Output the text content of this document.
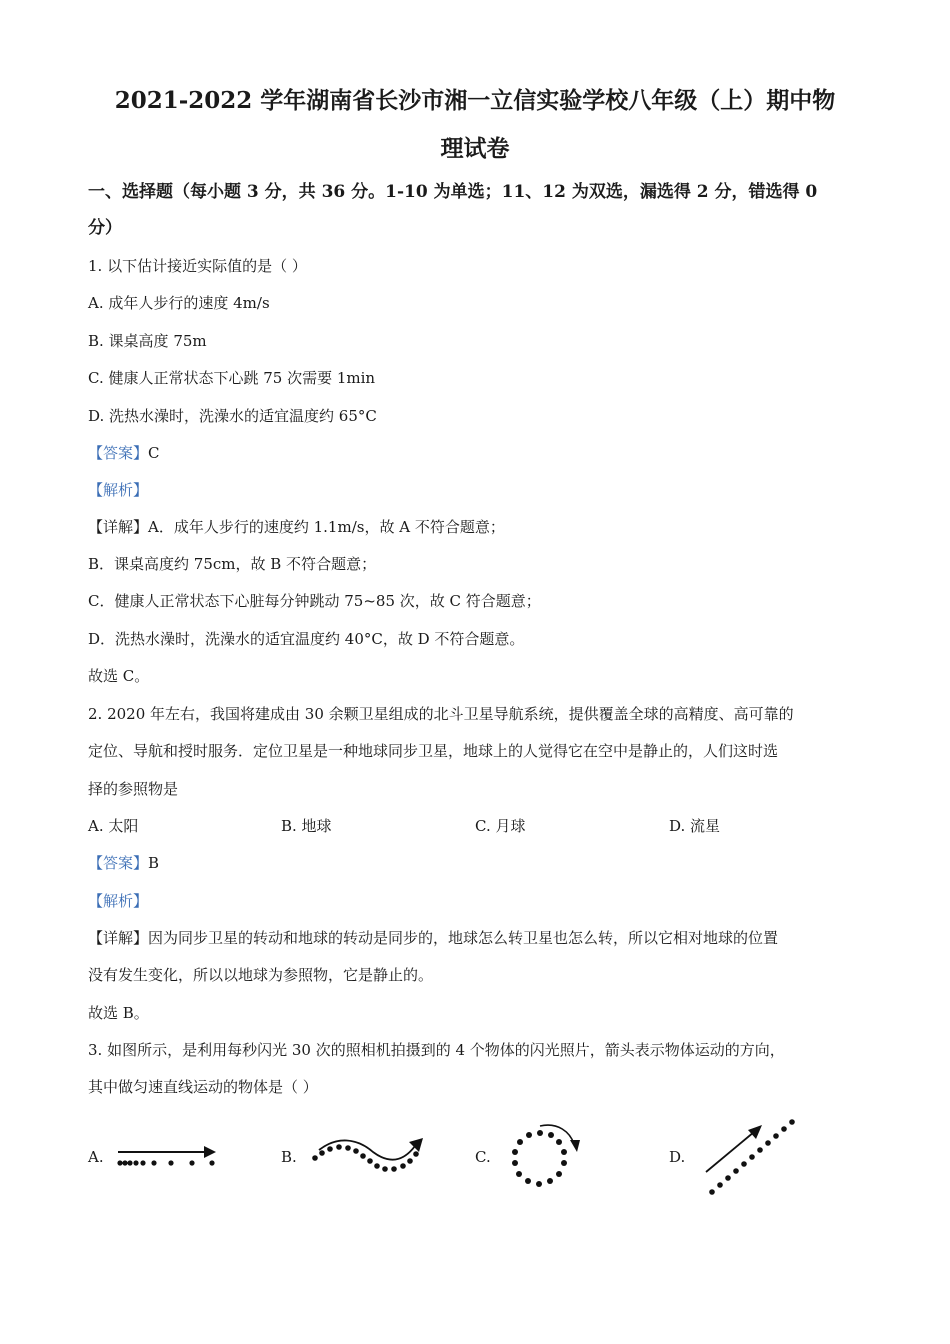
2021-2022 学年湖南省长沙市湘一立信实验学校八年级（上）期中物
理试卷
一、选择题（每小题 3 分，共 36 分。1-10 为单选；11、12 为双选，漏选得 2 分，错选得 0
分）
1. 以下估计接近实际值的是（ ）
A. 成年人步行的速度 4m/s
B. 课桌高度 75m
C. 健康人正常状态下心跳 75 次需要 1min
D. 洗热水澡时，洗澡水的适宜温度约 65°C
【答案】C
【解析】
【详解】A．成年人步行的速度约 1.1m/s，故 A 不符合题意；
B．课桌高度约 75cm，故 B 不符合题意；
C．健康人正常状态下心脏每分钟跳动 75~85 次，故 C 符合题意；
D．洗热水澡时，洗澡水的适宜温度约 40°C，故 D 不符合题意。
故选 C。
2. 2020 年左右，我国将建成由 30 余颗卫星组成的北斗卫星导航系统，提供覆盖全球的高精度、高可靠的
定位、导航和授时服务．定位卫星是一种地球同步卫星，地球上的人觉得它在空中是静止的，人们这时选
择的参照物是
A. 太阳	B. 地球	C. 月球	D. 流星
【答案】B
【解析】
【详解】因为同步卫星的转动和地球的转动是同步的，地球怎么转卫星也怎么转，所以它相对地球的位置
没有发生变化，所以以地球为参照物，它是静止的。
故选 B。
3. 如图所示，是利用每秒闪光 30 次的照相机拍摄到的 4 个物体的闪光照片，箭头表示物体运动的方向，
其中做匀速直线运动的物体是（ ）
A.	B.	C.	D.
